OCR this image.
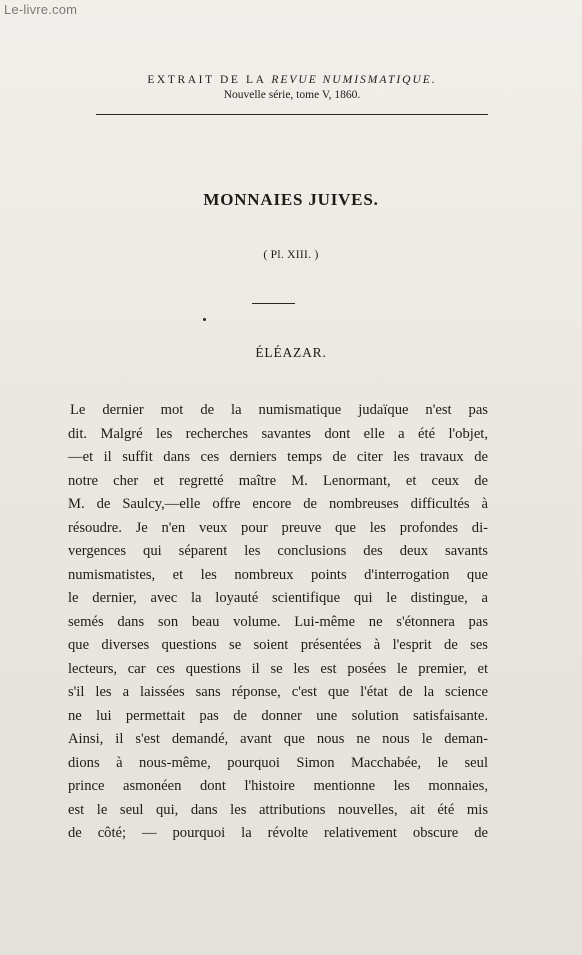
Le-livre.com
EXTRAIT DE LA REVUE NUMISMATIQUE.
Nouvelle série, tome V, 1860.
MONNAIES JUIVES.
( Pl. XIII. )
ÉLÉAZAR.
Le dernier mot de la numismatique judaïque n'est pas
dit. Malgré les recherches savantes dont elle a été l'objet,
—et il suffit dans ces derniers temps de citer les travaux de
notre cher et regretté maître M. Lenormant, et ceux de
M. de Saulcy,—elle offre encore de nombreuses difficultés à
résoudre. Je n'en veux pour preuve que les profondes di-
vergences qui séparent les conclusions des deux savants
numismatistes, et les nombreux points d'interrogation que
le dernier, avec la loyauté scientifique qui le distingue, a
semés dans son beau volume. Lui-même ne s'étonnera pas
que diverses questions se soient présentées à l'esprit de ses
lecteurs, car ces questions il se les est posées le premier, et
s'il les a laissées sans réponse, c'est que l'état de la science
ne lui permettait pas de donner une solution satisfaisante.
Ainsi, il s'est demandé, avant que nous ne nous le deman-
dions à nous-même, pourquoi Simon Macchabée, le seul
prince asmonéen dont l'histoire mentionne les monnaies,
est le seul qui, dans les attributions nouvelles, ait été mis
de côté; — pourquoi la révolte relativement obscure de
